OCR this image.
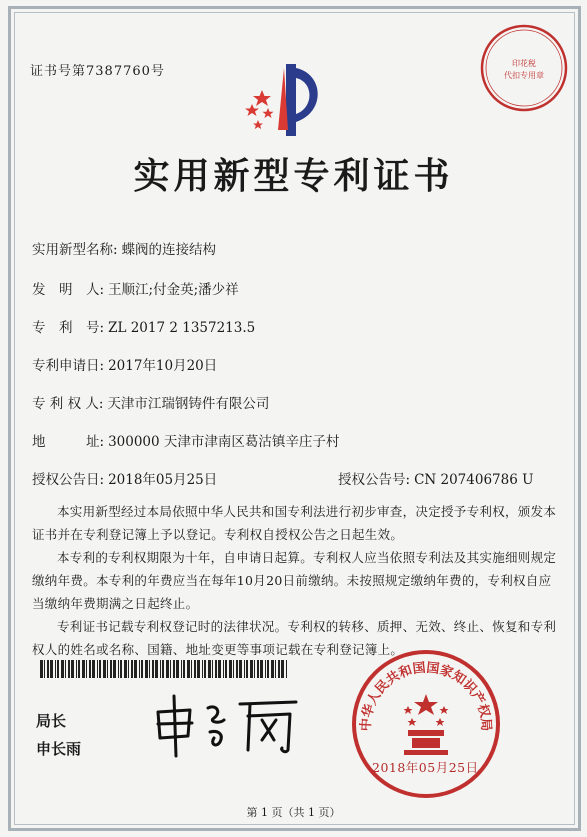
证书号第7387760号
印花税
代扣专用章
实用新型专利证书
实用新型名称: 蝶阀的连接结构
发　明　人: 王顺江;付金英;潘少祥
专　利　号: ZL 2017 2 1357213.5
专利申请日: 2017年10月20日
专 利 权 人: 天津市江瑞钢铸件有限公司
地　　　址: 300000 天津市津南区葛沽镇辛庄子村
授权公告日: 2018年05月25日	授权公告号: CN 207406786 U
本实用新型经过本局依照中华人民共和国专利法进行初步审查，决定授予专利权，颁发本证书并在专利登记簿上予以登记。专利权自授权公告之日起生效。
本专利的专利权期限为十年，自申请日起算。专利权人应当依照专利法及其实施细则规定缴纳年费。本专利的年费应当在每年10月20日前缴纳。未按照规定缴纳年费的，专利权自应当缴纳年费期满之日起终止。
专利证书记载专利权登记时的法律状况。专利权的转移、质押、无效、终止、恢复和专利权人的姓名或名称、国籍、地址变更等事项记载在专利登记簿上。
局长
申长雨
中华人民共和国国家知识产权局
2018年05月25日
第 1 页（共 1 页）
